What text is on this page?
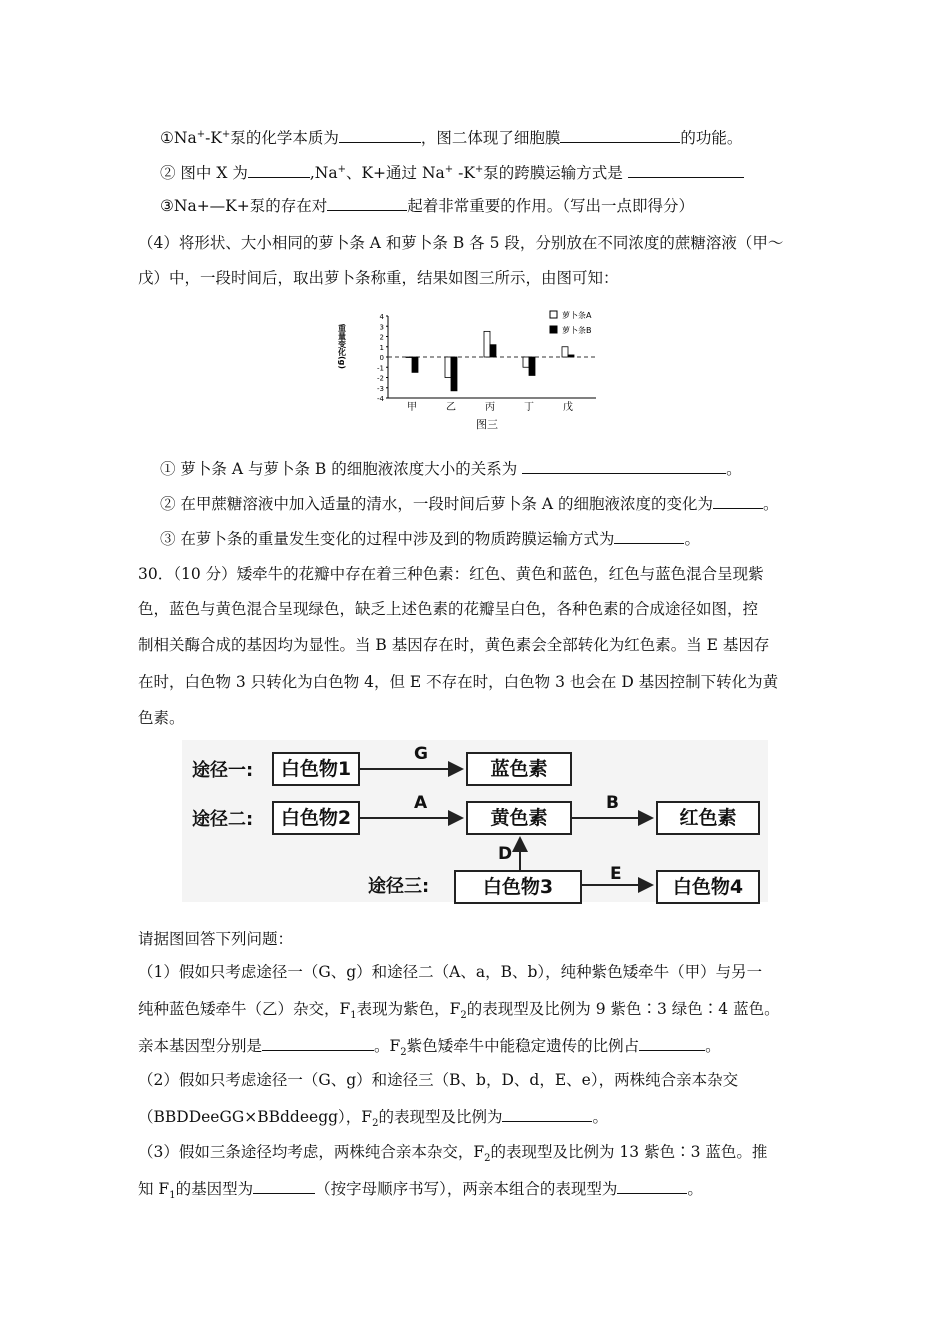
①Na+-K+泵的化学本质为	，图二体现了细胞膜	的功能。
② 图中 X 为	,Na+、K+通过 Na+ -K+泵的跨膜运输方式是
③Na+—K+泵的存在对	起着非常重要的作用。（写出一点即得分）
（4）将形状、大小相同的萝卜条 A 和萝卜条 B 各 5 段，分别放在不同浓度的蔗糖溶液（甲～
戊）中，一段时间后，取出萝卜条称重，结果如图三所示，由图可知：
重量变化(g)
萝卜条A
萝卜条B
图三
4
3
2
1
0
-1
-2
-3
-4
甲	乙	丙	丁	戊
① 萝卜条 A 与萝卜条 B 的细胞液浓度大小的关系为	。
② 在甲蔗糖溶液中加入适量的清水，一段时间后萝卜条 A 的细胞液浓度的变化为	。
③ 在萝卜条的重量发生变化的过程中涉及到的物质跨膜运输方式为	。
30．（10 分）矮牵牛的花瓣中存在着三种色素：红色、黄色和蓝色，红色与蓝色混合呈现紫
色，蓝色与黄色混合呈现绿色，缺乏上述色素的花瓣呈白色，各种色素的合成途径如图，控
制相关酶合成的基因均为显性。当 B 基因存在时，黄色素会全部转化为红色素。当 E 基因存
在时，白色物 3 只转化为白色物 4，但 E 不存在时，白色物 3 也会在 D 基因控制下转化为黄
色素。
途径一:
途径二:
途径三:
白色物1	蓝色素
白色物2	黄色素	红色素
白色物3	白色物4
G
A	B
D
E
请据图回答下列问题：
（1）假如只考虑途径一（G、g）和途径二（A、a，B、b），纯种紫色矮牵牛（甲）与另一
纯种蓝色矮牵牛（乙）杂交，$F_1$表现为紫色，$F_2$的表现型及比例为 9 紫色∶3 绿色∶4 蓝色。
亲本基因型分别是	。$F_2$紫色矮牵牛中能稳定遗传的比例占	。
（2）假如只考虑途径一（G、g）和途径三（B、b，D、d，E、e），两株纯合亲本杂交
（BBDDeeGG×BBddeegg），$F_2$的表现型及比例为	。
（3）假如三条途径均考虑，两株纯合亲本杂交，$F_2$的表现型及比例为 13 紫色∶3 蓝色。推
知 $F_1$的基因型为	（按字母顺序书写），两亲本组合的表现型为	。
